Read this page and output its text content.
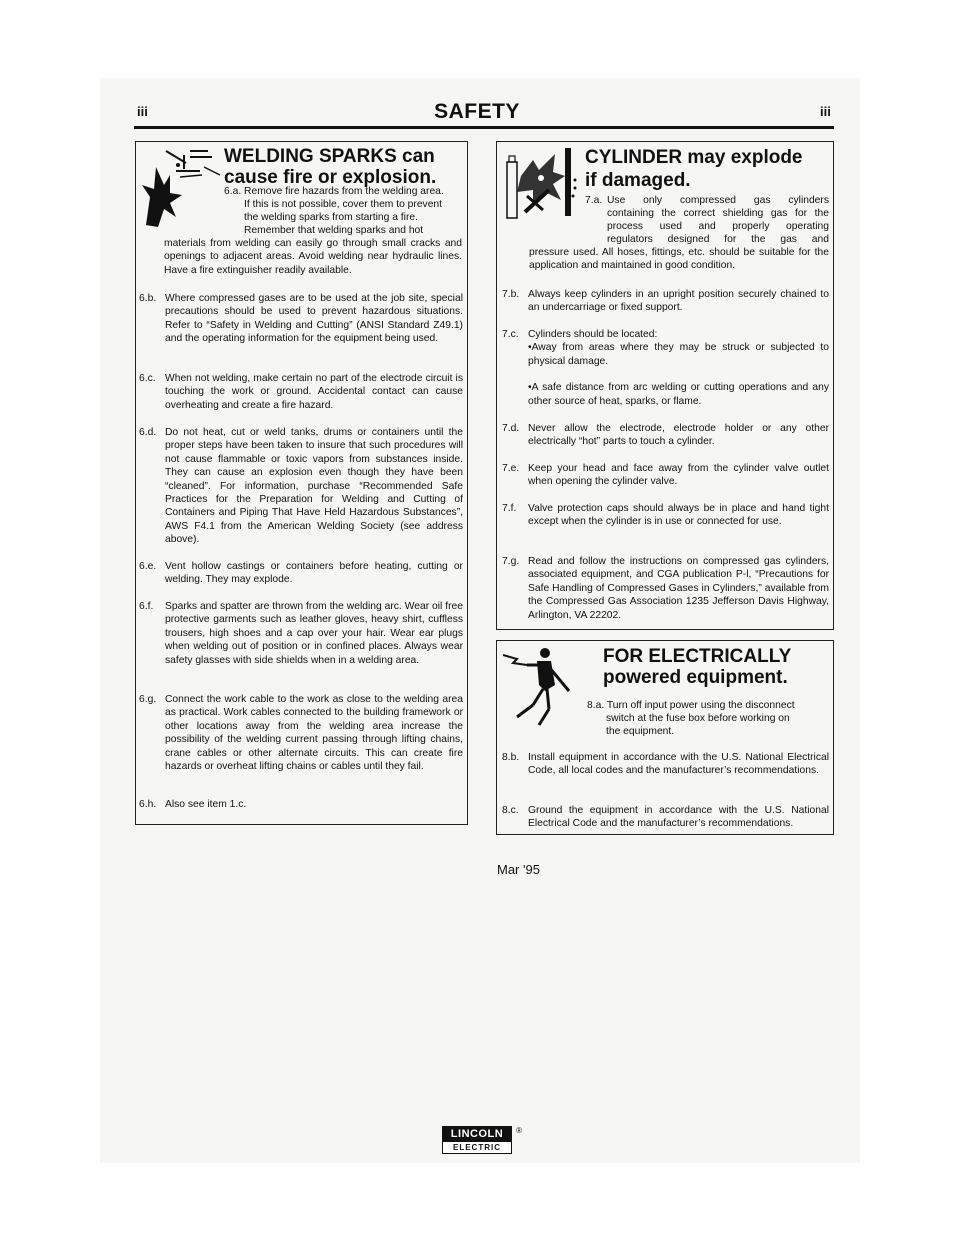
iii	SAFETY	iii
WELDING SPARKS can
cause fire or explosion.
6.a. Remove fire hazards from the welding area.
If this is not possible, cover them to prevent
the welding sparks from starting a fire.
Remember that welding sparks and hot
materials from welding can easily go through small cracks and openings to adjacent areas. Avoid welding near hydraulic lines. Have a fire extinguisher readily available.
6.b. Where compressed gases are to be used at the job site, special precautions should be used to prevent hazardous situations. Refer to “Safety in Welding and Cutting” (ANSI Standard Z49.1) and the operating information for the equipment being used.
6.c. When not welding, make certain no part of the electrode circuit is touching the work or ground. Accidental contact can cause overheating and create a fire hazard.
6.d. Do not heat, cut or weld tanks, drums or containers until the proper steps have been taken to insure that such procedures will not cause flammable or toxic vapors from substances inside. They can cause an explosion even though they have been “cleaned”. For information, purchase “Recommended Safe Practices for the Preparation for Welding and Cutting of Containers and Piping That Have Held Hazardous Substances”, AWS F4.1 from the American Welding Society (see address above).
6.e. Vent hollow castings or containers before heating, cutting or welding. They may explode.
6.f.	Sparks and spatter are thrown from the welding arc. Wear oil free protective garments such as leather gloves, heavy shirt, cuffless trousers, high shoes and a cap over your hair. Wear ear plugs when welding out of position or in confined places. Always wear safety glasses with side shields when in a welding area.
6.g. Connect the work cable to the work as close to the welding area as practical. Work cables connected to the building framework or other locations away from the welding area increase the possibility of the welding current passing through lifting chains, crane cables or other alternate circuits. This can create fire hazards or overheat lifting chains or cables until they fail.
6.h. Also see item 1.c.
CYLINDER may explode
if damaged.
7.a. Use only compressed gas cylinders
containing the correct shielding gas for the
process used and properly operating
regulators designed for the gas and
pressure used. All hoses, fittings, etc. should be suitable for the application and maintained in good condition.
7.b. Always keep cylinders in an upright position securely chained to an undercarriage or fixed support.
7.c. Cylinders should be located:
•Away from areas where they may be struck or subjected to physical damage.
•A safe distance from arc welding or cutting operations and any other source of heat, sparks, or flame.
7.d. Never allow the electrode, electrode holder or any other electrically “hot” parts to touch a cylinder.
7.e. Keep your head and face away from the cylinder valve outlet when opening the cylinder valve.
7.f.	Valve protection caps should always be in place and hand tight except when the cylinder is in use or connected for use.
7.g. Read and follow the instructions on compressed gas cylinders, associated equipment, and CGA publication P-l, “Precautions for Safe Handling of Compressed Gases in Cylinders,” available from the Compressed Gas Association 1235 Jefferson Davis Highway, Arlington, VA 22202.
FOR ELECTRICALLY
powered equipment.
8.a. Turn off input power using the disconnect
switch at the fuse box before working on
the equipment.
8.b. Install equipment in accordance with the U.S. National Electrical Code, all local codes and the manufacturer’s recommendations.
8.c. Ground the equipment in accordance with the U.S. National Electrical Code and the manufacturer’s recommendations.
Mar '95
LINCOLN
ELECTRIC
®
